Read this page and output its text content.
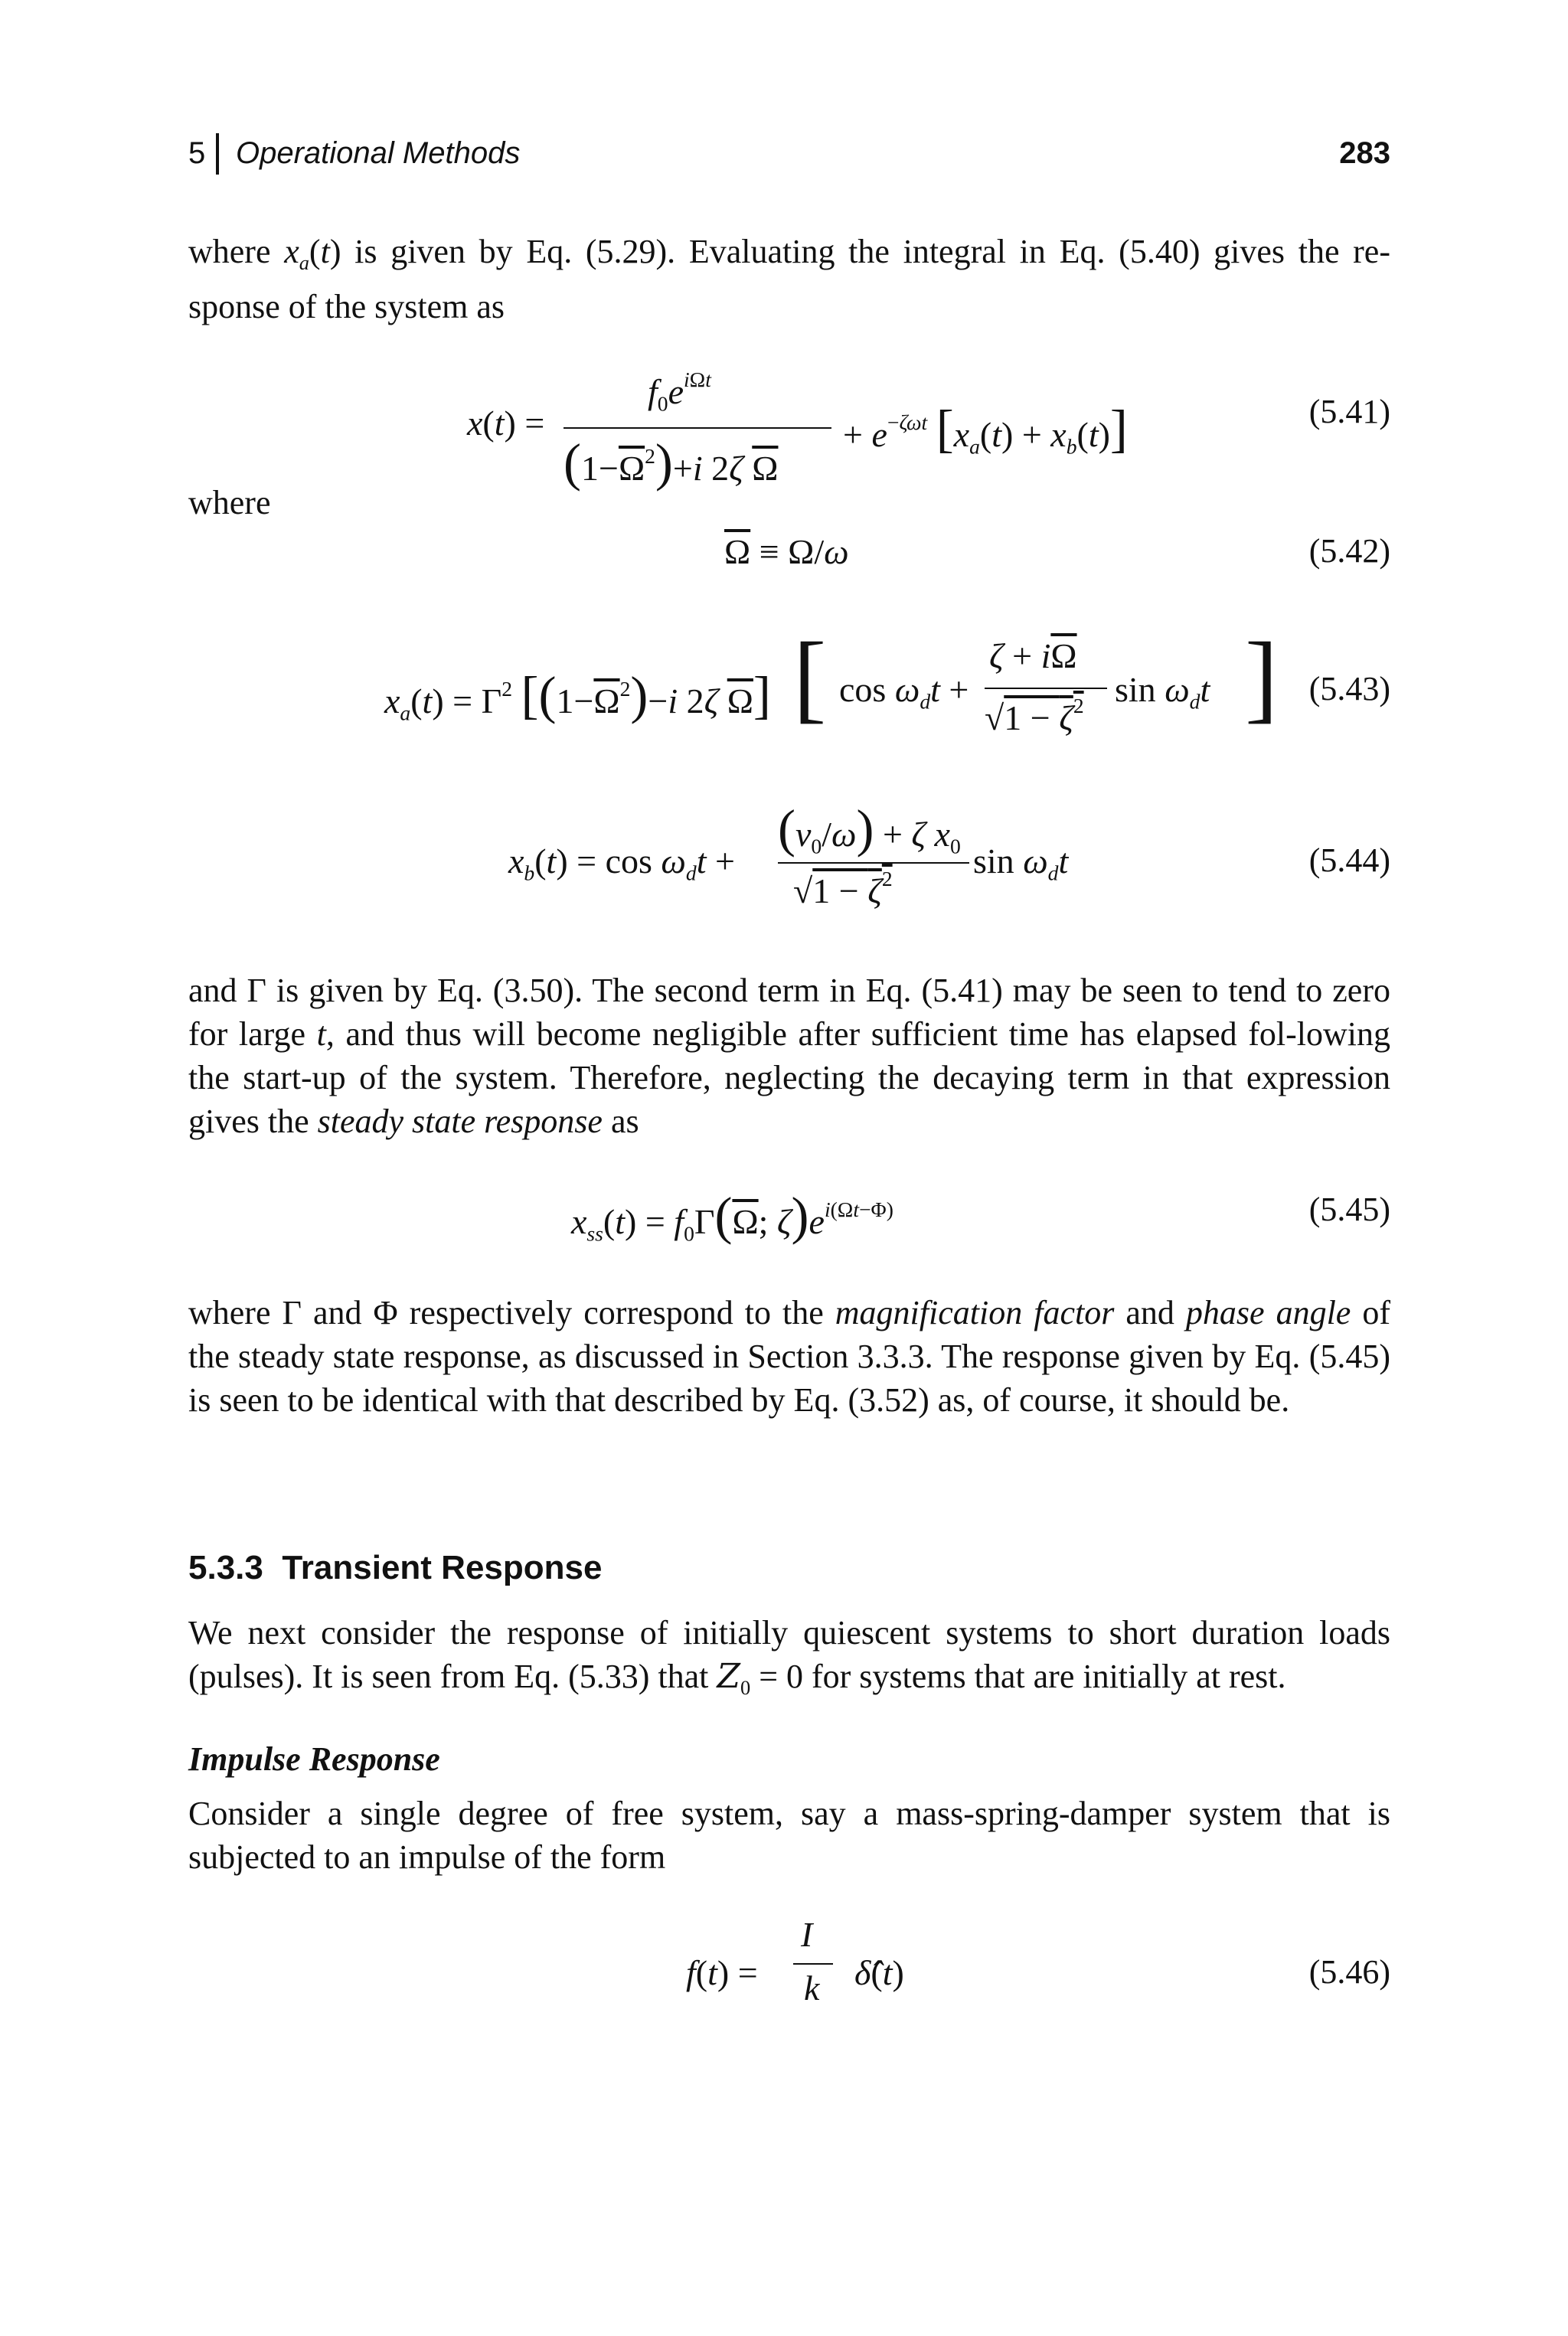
5 Operational Methods	283

where $x_a(t)$ is given by Eq. (5.29). Evaluating the integral in Eq. (5.40) gives the re-sponse of the system as

x(t) =
$f_0e^{i\Omega t}$
$(1-\overline{\Omega}^2)+i$ 2ζ $\overline{\Omega}$
+ $e^{-\zeta\omega t}$ $[x_a(t) + x_b(t)]$	(5.41)

where

$\overline{\Omega} \equiv \Omega/\omega$	(5.42)
$x_a(t) = \Gamma^2$ [$(1-\overline{\Omega}^2)-i$ 2ζ $\overline{\Omega}$] [ $\cos \omega_dt$ +
$\zeta + i\overline{\Omega}$
$√1 - \zeta^2$ $\sin \omega_dt$ ] (5.43)
$x_b(t) = \cos \omega_dt$ +
$(v_0/\omega) + \zeta$ $x_0$
$√1 - \zeta^2$ $\sin \omega_dt$	(5.44)

and Γ is given by Eq. (3.50). The second term in Eq. (5.41) may be seen to tend to zero for large t, and thus will become negligible after sufficient time has elapsed fol-lowing the start-up of the system. Therefore, neglecting the decaying term in that expression gives the steady state response as

$x_{ss}(t) = f_0\Gamma(\overline{\Omega}$; $\zeta)e^{i(\Omega t-\Phi)}$	(5.45)

where Γ and Φ respectively correspond to the magnification factor and phase angle of the steady state response, as discussed in Section 3.3.3. The response given by Eq. (5.45) is seen to be identical with that described by Eq. (3.52) as, of course, it should be.

5.3.3 Transient Response

We next consider the response of initially quiescent systems to short duration loads (pulses). It is seen from Eq. (5.33) that $Z_0 = 0$ for systems that are initially at rest.

Impulse Response

Consider a single degree of free system, say a mass-spring-damper system that is subjected to an impulse of the form

f(t) =
I
k δ̂(t)	(5.46)
